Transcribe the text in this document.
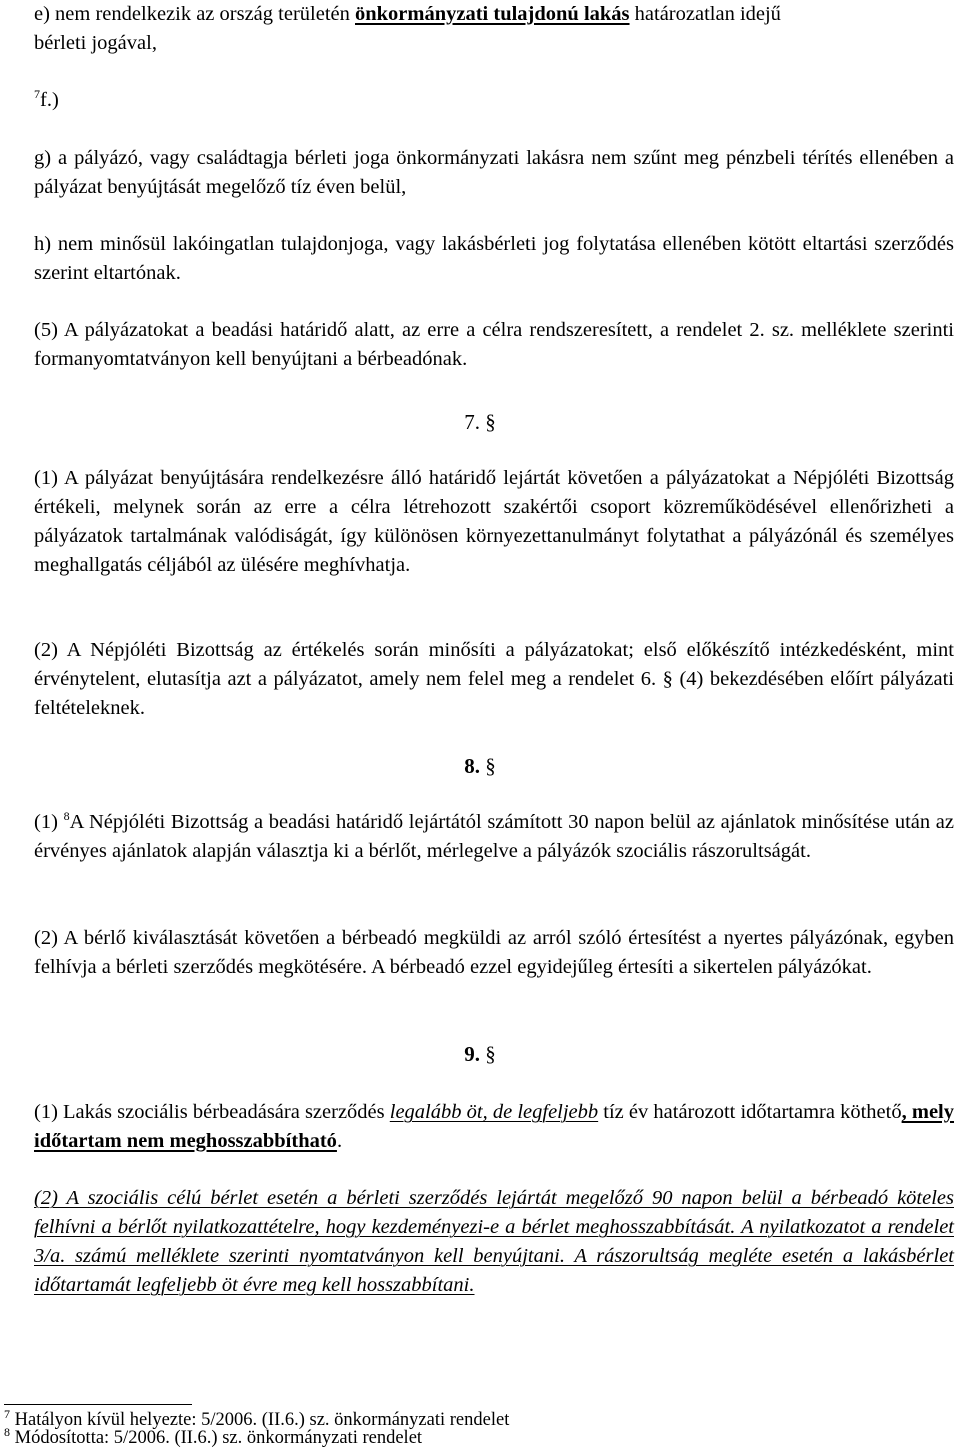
e) nem rendelkezik az ország területén önkormányzati tulajdonú lakás határozatlan idejű
bérleti jogával,

$^7$f.)

g) a pályázó, vagy családtagja bérleti joga önkormányzati lakásra nem szűnt meg pénzbeli térítés ellenében a pályázat benyújtását megelőző tíz éven belül,

h) nem minősül lakóingatlan tulajdonjoga, vagy lakásbérleti jog folytatása ellenében kötött eltartási szerződés szerint eltartónak.

(5) A pályázatokat a beadási határidő alatt, az erre a célra rendszeresített, a rendelet 2. sz. melléklete szerinti formanyomtatványon kell benyújtani a bérbeadónak.

7. §

(1) A pályázat benyújtására rendelkezésre álló határidő lejártát követően a pályázatokat a Népjóléti Bizottság értékeli, melynek során az erre a célra létrehozott szakértői csoport közreműködésével ellenőrizheti a pályázatok tartalmának valódiságát, így különösen környezettanulmányt folytathat a pályázónál és személyes meghallgatás céljából az ülésére meghívhatja.

(2) A Népjóléti Bizottság az értékelés során minősíti a pályázatokat; első előkészítő intézkedésként, mint érvénytelent, elutasítja azt a pályázatot, amely nem felel meg a rendelet 6. § (4) bekezdésében előírt pályázati feltételeknek.

8. §

(1) $^8$A Népjóléti Bizottság a beadási határidő lejártától számított 30 napon belül az ajánlatok minősítése után az érvényes ajánlatok alapján választja ki a bérlőt, mérlegelve a pályázók szociális rászorultságát.

(2) A bérlő kiválasztását követően a bérbeadó megküldi az arról szóló értesítést a nyertes pályázónak, egyben felhívja a bérleti szerződés megkötésére. A bérbeadó ezzel egyidejűleg értesíti a sikertelen pályázókat.

9. §

(1) Lakás szociális bérbeadására szerződés legalább öt, de legfeljebb tíz év határozott időtartamra köthető, mely időtartam nem meghosszabbítható.

(2) A szociális célú bérlet esetén a bérleti szerződés lejártát megelőző 90 napon belül a bérbeadó köteles felhívni a bérlőt nyilatkozattételre, hogy kezdeményezi-e a bérlet meghosszabbítását. A nyilatkozatot a rendelet 3/a. számú melléklete szerinti nyomtatványon kell benyújtani. A rászorultság megléte esetén a lakásbérlet időtartamát legfeljebb öt évre meg kell hosszabbítani.

$^7$ Hatályon kívül helyezte: 5/2006. (II.6.) sz. önkormányzati rendelet
$^8$ Módosította: 5/2006. (II.6.) sz. önkormányzati rendelet
